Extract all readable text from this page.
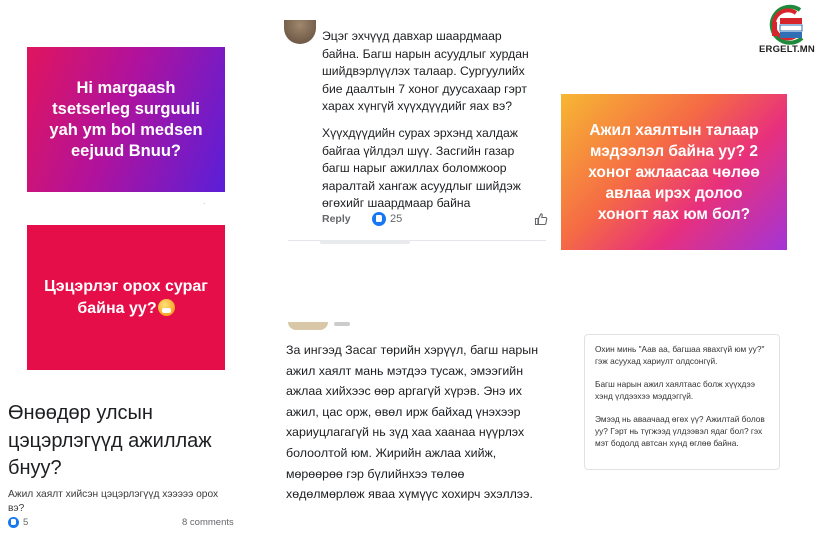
Hi margaash
tsetserleg surguuli
yah ym bol medsen
eejuud Bnuu?
.
Цэцэрлэг орох сураг
байна уу?
Ажил хаялтын талаар
мэдээлэл байна уу? 2
хоног ажлаасаа чөлөө
авлаа ирэх долоо
хоногт яах юм бол?
Эцэг эхчүүд давхар шаардмаар
байна. Багш нарын асуудлыг хурдан
шийдвэрлүүлэх талаар. Сургуулийх
бие даалтын 7 хоног дуусахаар гэрт
харах хүнгүй хүүхдүүдийг яах вэ?
Хүүхдүүдийн сурах эрхэнд халдаж
байгаа үйлдэл шүү. Засгийн газар
багш нарыг ажиллах боломжоор
яаралтай хангаж асуудлыг шийдэж
өгөхийг шаардмаар байна
Reply	25
За ингээд Засаг төрийн хэрүүл, багш нарын
ажил хаялт мань мэтдээ тусаж, эмээгийн
ажлаа хийхээс өөр аргагүй хүрэв. Энэ их
ажил, цас орж, өвөл ирж байхад үнэхээр
хариуцлагагүй нь зүд хаа хаанаа нүүрлэх
болоoлтой юм. Жирийн ажлаа хийж,
мөрөөрөө гэр бүлийнхээ төлөө
хөдөлмөрлөж яваа хүмүүс хохирч эхэллээ.
Өнөөдөр улсын
цэцэрлэгүүд ажиллаж
бнуу?
Ажил хаялт хийсэн цэцэрлэгүүд хэээээ орох
вэ?
5	8 comments

Охин минь "Аав аа, багшаа явахгүй юм уу?" гэж асуухад хариулт олдсонгүй.

Багш нарын ажил хаялтаас болж хүүхдээ хэнд үлдээхээ мэддэггүй.

Эмээд нь аваачаад өгөх үү? Ажилтай болов уу? Гэрт нь түгжээд үлдээвэл ядаг бол? гэх мэт бодолд автсан хүнд өглөө байна.

ERGELT.MN
